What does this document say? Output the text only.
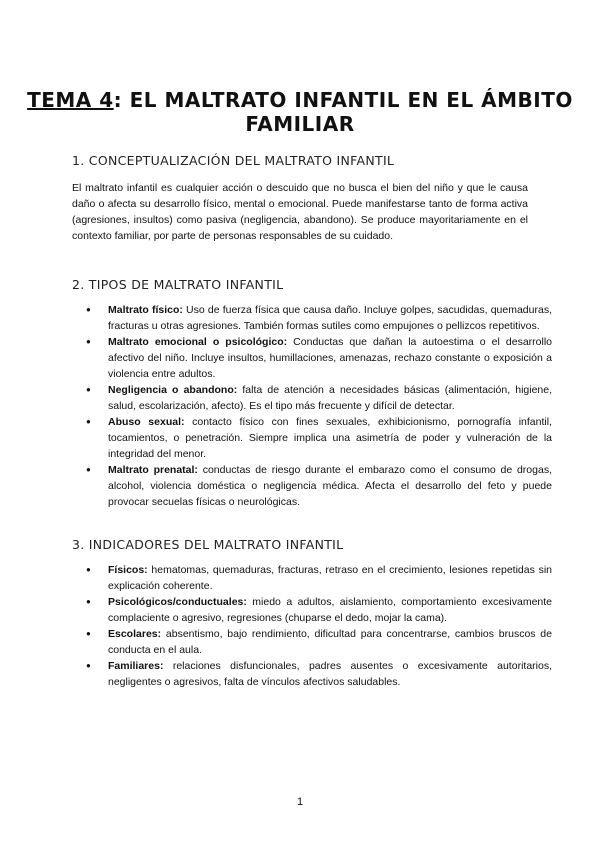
TEMA 4: EL MALTRATO INFANTIL EN EL ÁMBITO FAMILIAR
1. CONCEPTUALIZACIÓN DEL MALTRATO INFANTIL

El maltrato infantil es cualquier acción o descuido que no busca el bien del niño y que le causa daño o afecta su desarrollo físico, mental o emocional. Puede manifestarse tanto de forma activa (agresiones, insultos) como pasiva (negligencia, abandono). Se produce mayoritariamente en el contexto familiar, por parte de personas responsables de su cuidado.

2. TIPOS DE MALTRATO INFANTIL
● Maltrato físico: Uso de fuerza física que causa daño. Incluye golpes, sacudidas, quemaduras, fracturas u otras agresiones. También formas sutiles como empujones o pellizcos repetitivos.
● Maltrato emocional o psicológico: Conductas que dañan la autoestima o el desarrollo afectivo del niño. Incluye insultos, humillaciones, amenazas, rechazo constante o exposición a violencia entre adultos.
● Negligencia o abandono: falta de atención a necesidades básicas (alimentación, higiene, salud, escolarización, afecto). Es el tipo más frecuente y difícil de detectar.
● Abuso sexual: contacto físico con fines sexuales, exhibicionismo, pornografía infantil, tocamientos, o penetración. Siempre implica una asimetría de poder y vulneración de la integridad del menor.
● Maltrato prenatal: conductas de riesgo durante el embarazo como el consumo de drogas, alcohol, violencia doméstica o negligencia médica. Afecta el desarrollo del feto y puede provocar secuelas físicas o neurológicas.
3. INDICADORES DEL MALTRATO INFANTIL
● Físicos: hematomas, quemaduras, fracturas, retraso en el crecimiento, lesiones repetidas sin explicación coherente.
● Psicológicos/conductuales: miedo a adultos, aislamiento, comportamiento excesivamente complaciente o agresivo, regresiones (chuparse el dedo, mojar la cama).
● Escolares: absentismo, bajo rendimiento, dificultad para concentrarse, cambios bruscos de conducta en el aula.
● Familiares: relaciones disfuncionales, padres ausentes o excesivamente autoritarios, negligentes o agresivos, falta de vínculos afectivos saludables.
1
